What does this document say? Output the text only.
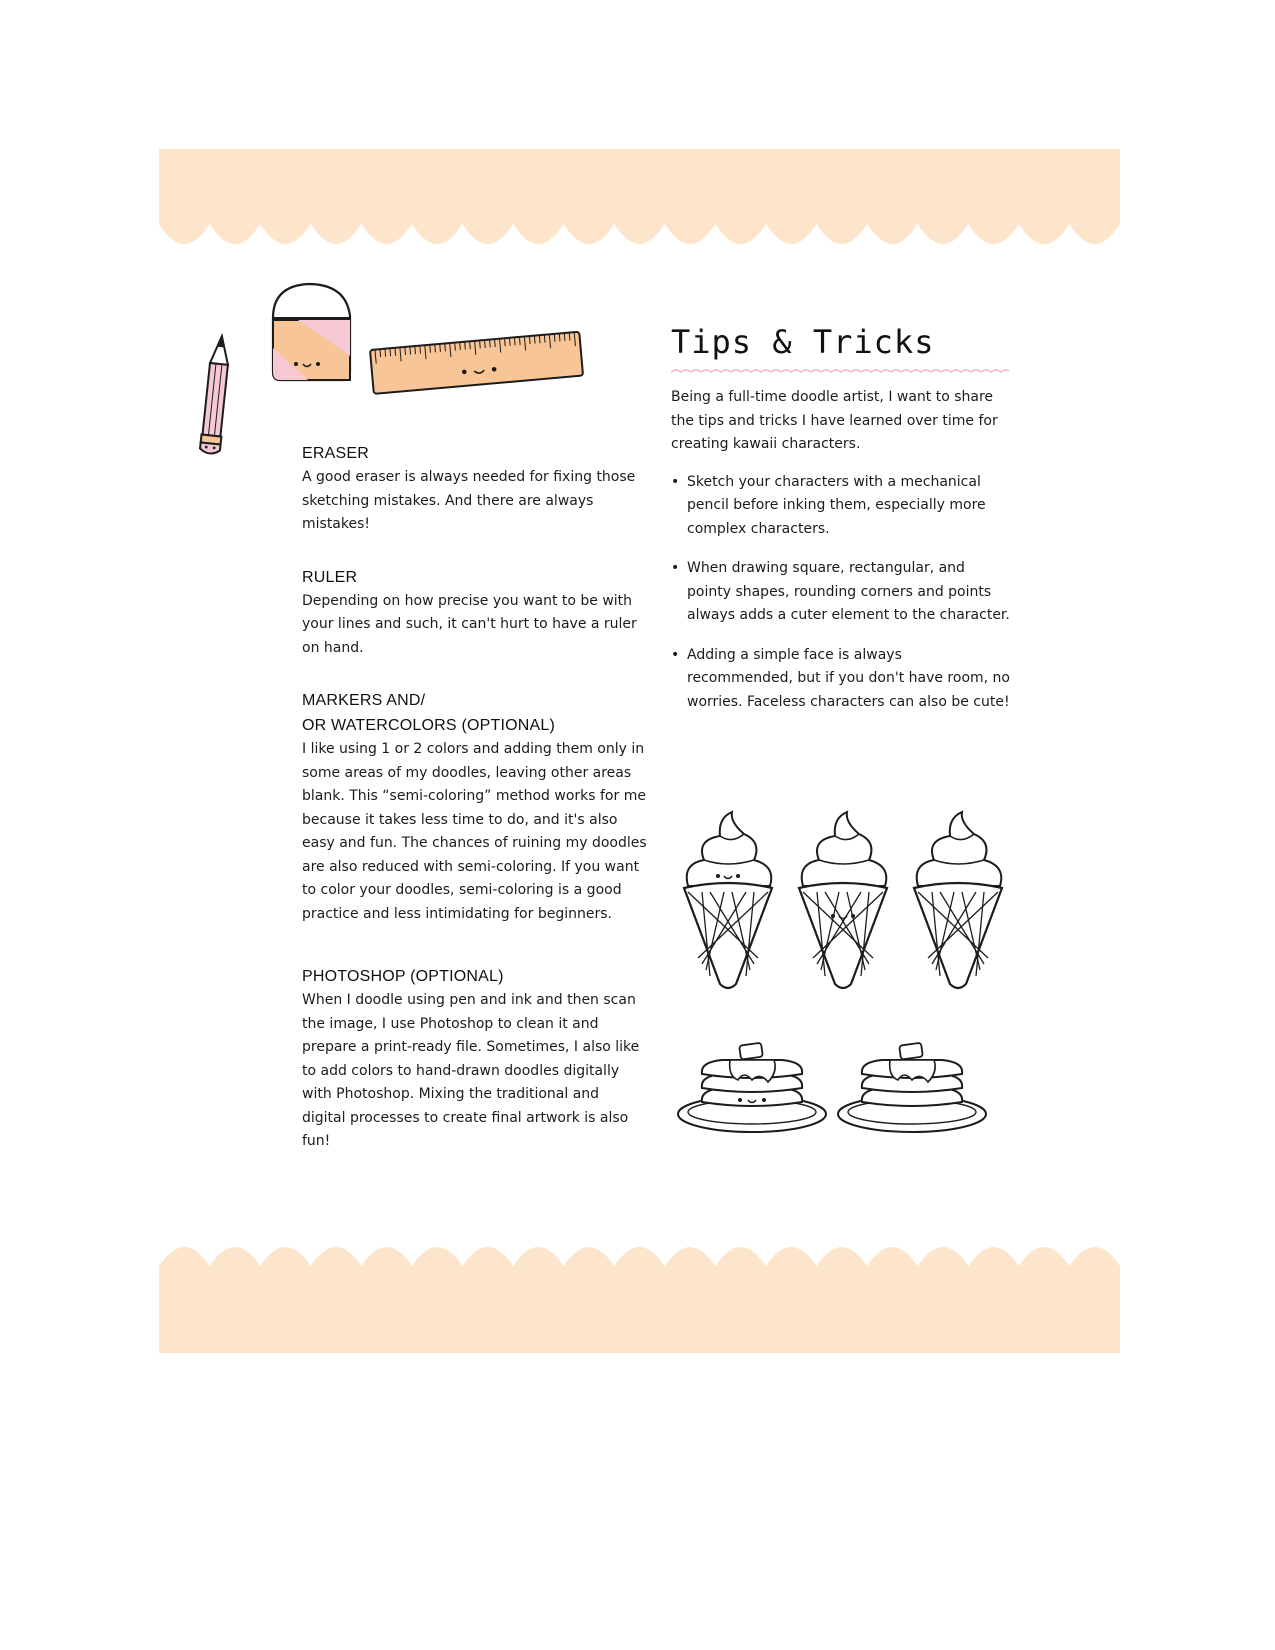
ERASER

A good eraser is always needed for fixing those sketching mistakes. And there are always mistakes!

RULER

Depending on how precise you want to be with your lines and such, it can't hurt to have a ruler on hand.

MARKERS AND/
OR WATERCOLORS (OPTIONAL)

I like using 1 or 2 colors and adding them only in some areas of my doodles, leaving other areas blank. This “semi-coloring” method works for me because it takes less time to do, and it's also easy and fun. The chances of ruining my doodles are also reduced with semi-coloring. If you want to color your doodles, semi-coloring is a good practice and less intimidating for beginners.

PHOTOSHOP (OPTIONAL)

When I doodle using pen and ink and then scan the image, I use Photoshop to clean it and prepare a print-ready file. Sometimes, I also like to add colors to hand-drawn doodles digitally with Photoshop. Mixing the traditional and digital processes to create final artwork is also fun!

Tips & Tricks

Being a full-time doodle artist, I want to share the tips and tricks I have learned over time for creating kawaii characters.

• Sketch your characters with a mechanical pencil before inking them, especially more complex characters.
• When drawing square, rectangular, and pointy shapes, rounding corners and points always adds a cuter element to the character.
• Adding a simple face is always recommended, but if you don't have room, no worries. Faceless characters can also be cute!
